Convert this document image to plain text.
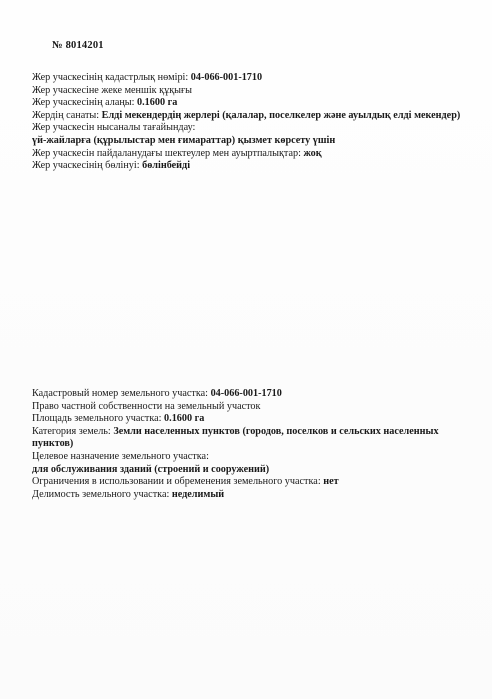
№ 8014201

Жер учаскесінің кадастрлық нөмірі: 04-066-001-1710

Жер учаскесіне жеке меншік құқығы

Жер учаскесінің алаңы: 0.1600 га

Жердің санаты: Елді мекендердің жерлері (қалалар, поселкелер және ауылдық елді мекендер)

Жер учаскесін нысаналы тағайындау:

үй-жайларға (құрылыстар мен ғимараттар) қызмет көрсету үшін

Жер учаскесін пайдаланудағы шектеулер мен ауыртпалықтар: жоқ

Жер учаскесінің бөлінуі: бөлінбейді

Кадастровый номер земельного участка: 04-066-001-1710

Право частной собственности на земельный участок

Площадь земельного участка: 0.1600 га

Категория земель: Земли населенных пунктов (городов, поселков и сельских населенных пунктов)

Целевое назначение земельного участка:

для обслуживания зданий (строений и сооружений)

Ограничения в использовании и обременения земельного участка: нет

Делимость земельного участка: неделимый
